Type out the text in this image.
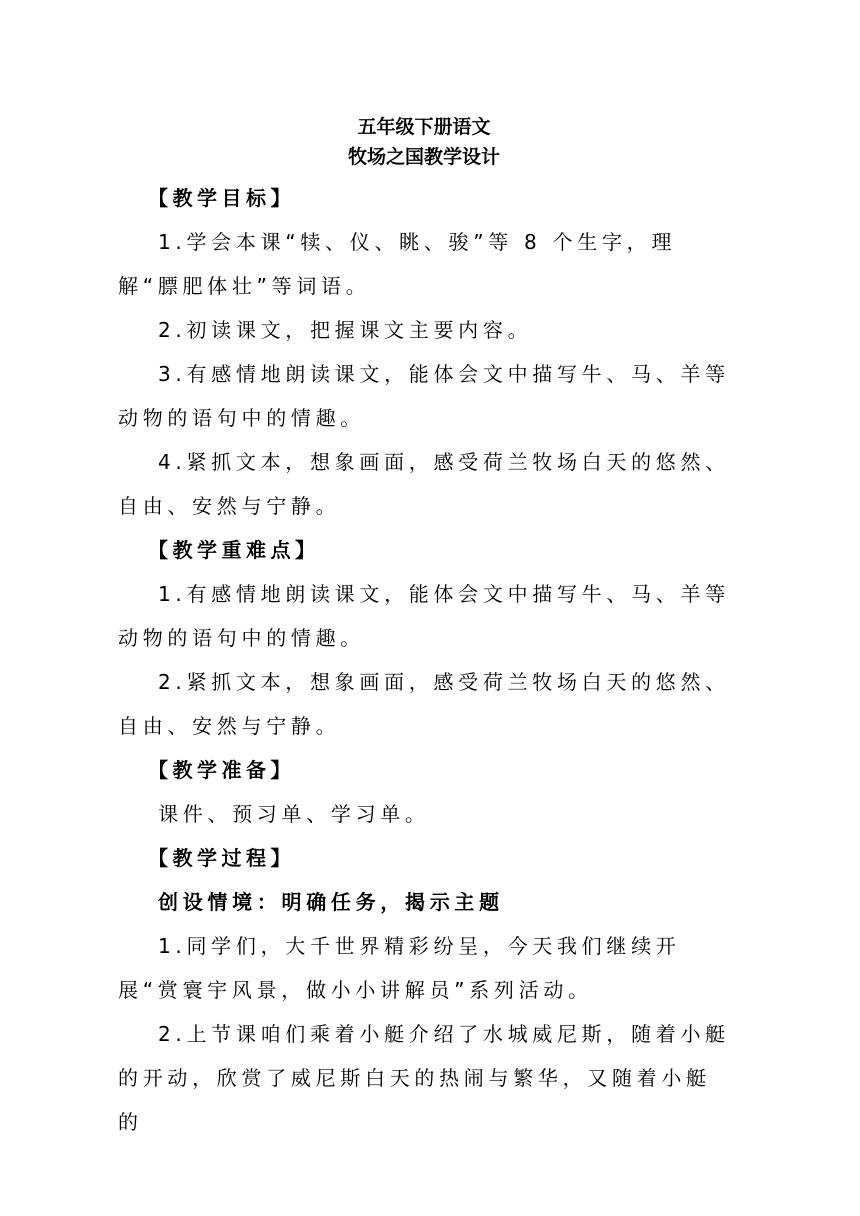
五年级下册语文

牧场之国教学设计

【教学目标】

1.学会本课“犊、仪、眺、骏”等 8 个生字，理解“膘肥体壮”等词语。

2.初读课文，把握课文主要内容。

3.有感情地朗读课文，能体会文中描写牛、马、羊等动物的语句中的情趣。

4.紧抓文本，想象画面，感受荷兰牧场白天的悠然、自由、安然与宁静。

【教学重难点】

1.有感情地朗读课文，能体会文中描写牛、马、羊等动物的语句中的情趣。

2.紧抓文本，想象画面，感受荷兰牧场白天的悠然、自由、安然与宁静。

【教学准备】

课件、预习单、学习单。

【教学过程】

创设情境：明确任务，揭示主题

1.同学们，大千世界精彩纷呈，今天我们继续开展“赏寰宇风景，做小小讲解员”系列活动。

2.上节课咱们乘着小艇介绍了水城威尼斯，随着小艇的开动，欣赏了威尼斯白天的热闹与繁华，又随着小艇的
